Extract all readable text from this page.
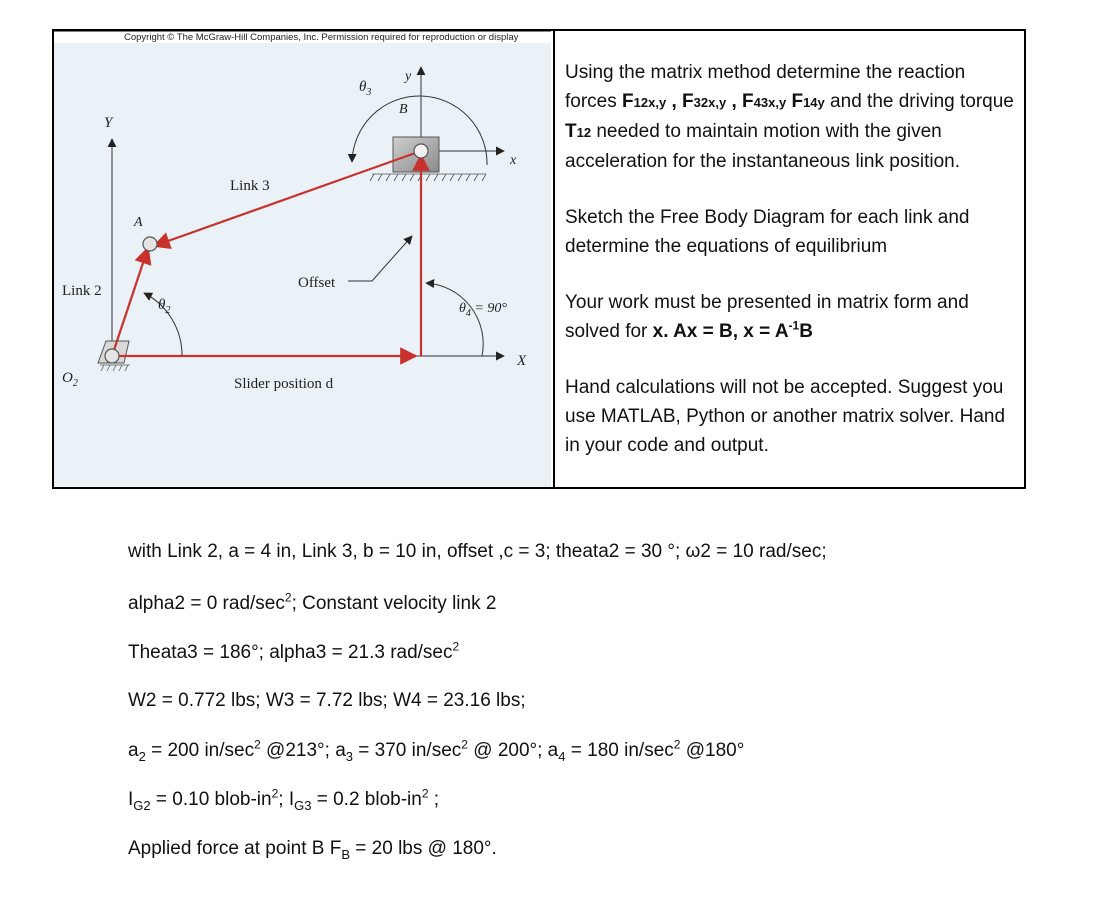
Copyright © The McGraw-Hill Companies, Inc. Permission required for reproduction or display
Y
X
y
x
$\theta_3$
B
$O_2$
A
$\theta_2$	$\theta_4 = 90^\circ$
Link 2
Link 3
Offset
Slider position d

Using the matrix method determine the reaction forces F12x,y , F32x,y , F43x,y F14y and the driving torque T12 needed to maintain motion with the given acceleration for the instantaneous link position.

Sketch the Free Body Diagram for each link and determine the equations of equilibrium

Your work must be presented in matrix form and solved for x. Ax = B, $x = A^{-1}B$

Hand calculations will not be accepted. Suggest you use MATLAB, Python or another matrix solver. Hand in your code and output.

with Link 2, a = 4 in, Link 3, b = 10 in, offset ,c = 3; theata2 = 30 °; ω2 = 10 rad/sec;
alpha2 = 0 rad/$\sec^2$; Constant velocity link 2
Theata3 = 186°; alpha3 = 21.3 rad/$\sec^2$
W2 = 0.772 lbs; W3 = 7.72 lbs; W4 = 23.16 lbs;
$a_2 = 200$ $in/\sec^2$ @213°; $a_3 = 370$ $in/\sec^2$ @ 200°; $a_4 = 180$ $in/\sec^2$ @180°
$I_{G2} = 0.10$ blob-$in^2$; $I_{G3} = 0.2$ blob-$in^2$ ;
Applied force at point B $F_B = 20$ lbs @ 180°.
